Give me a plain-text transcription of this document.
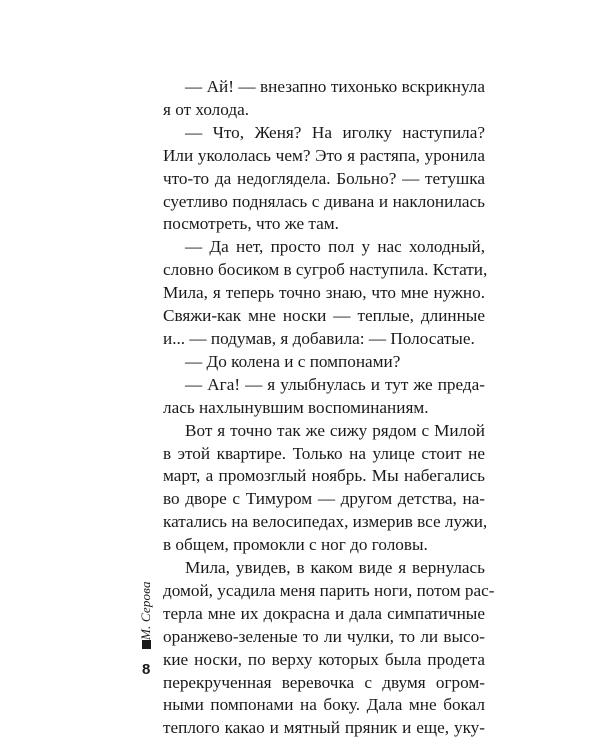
— Ай! — внезапно тихонько вскрикнула
я от холода.
— Что, Женя? На иголку наступила?
Или укололась чем? Это я растяпа, уронила
что-то да недоглядела. Больно? — тетушка
суетливо поднялась с дивана и наклонилась
посмотреть, что же там.
— Да нет, просто пол у нас холодный,
словно босиком в сугроб наступила. Кстати,
Мила, я теперь точно знаю, что мне нужно.
Свяжи-как мне носки — теплые, длинные
и... — подумав, я добавила: — Полосатые.
— До колена и с помпонами?
— Ага! — я улыбнулась и тут же преда-
лась нахлынувшим воспоминаниям.
Вот я точно так же сижу рядом с Милой
в этой квартире. Только на улице стоит не
март, а промозглый ноябрь. Мы набегались
во дворе с Тимуром — другом детства, на-
катались на велосипедах, измерив все лужи,
в общем, промокли с ног до головы.
Мила, увидев, в каком виде я вернулась
домой, усадила меня парить ноги, потом рас-
терла мне их докрасна и дала симпатичные
оранжево-зеленые то ли чулки, то ли высо-
кие носки, по верху которых была продета
перекрученная веревочка с двумя огром-
ными помпонами на боку. Дала мне бокал
теплого какао и мятный пряник и еще, уку-
М. Серова
8
